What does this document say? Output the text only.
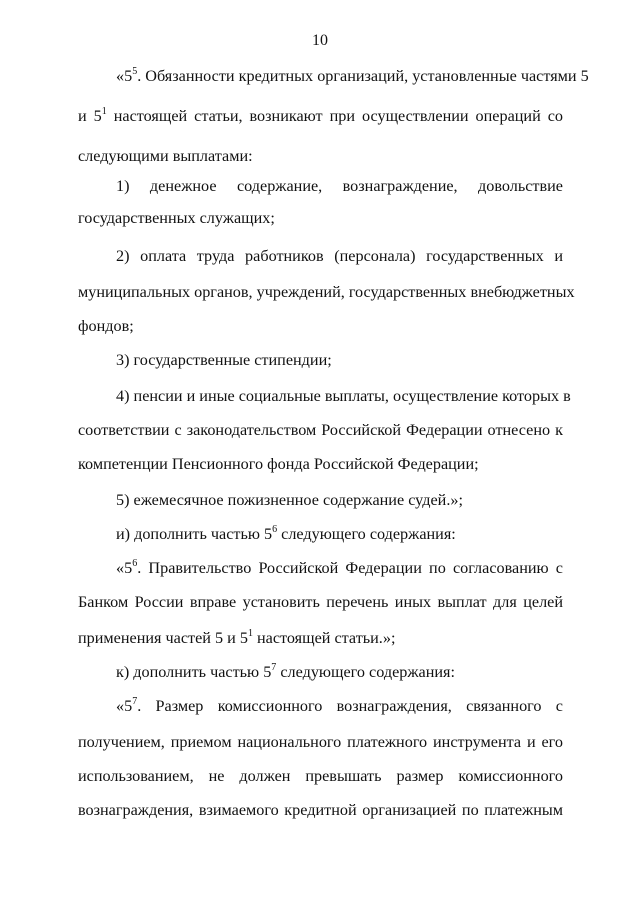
10
«$5^5$. Обязанности кредитных организаций, установленные частями 5
и $5^1$ настоящей статьи, возникают при осуществлении операций со
следующими выплатами:
1) денежное содержание, вознаграждение, довольствие
государственных служащих;
2) оплата труда работников (персонала) государственных и
муниципальных органов, учреждений, государственных внебюджетных
фондов;
3) государственные стипендии;
4) пенсии и иные социальные выплаты, осуществление которых в
соответствии с законодательством Российской Федерации отнесено к
компетенции Пенсионного фонда Российской Федерации;
5) ежемесячное пожизненное содержание судей.»;
и) дополнить частью $5^6$ следующего содержания:
«$5^6$. Правительство Российской Федерации по согласованию с
Банком России вправе установить перечень иных выплат для целей
применения частей 5 и $5^1$ настоящей статьи.»;
к) дополнить частью $5^7$ следующего содержания:
«$5^7$. Размер комиссионного вознаграждения, связанного с
получением, приемом национального платежного инструмента и его
использованием, не должен превышать размер комиссионного
вознаграждения, взимаемого кредитной организацией по платежным
